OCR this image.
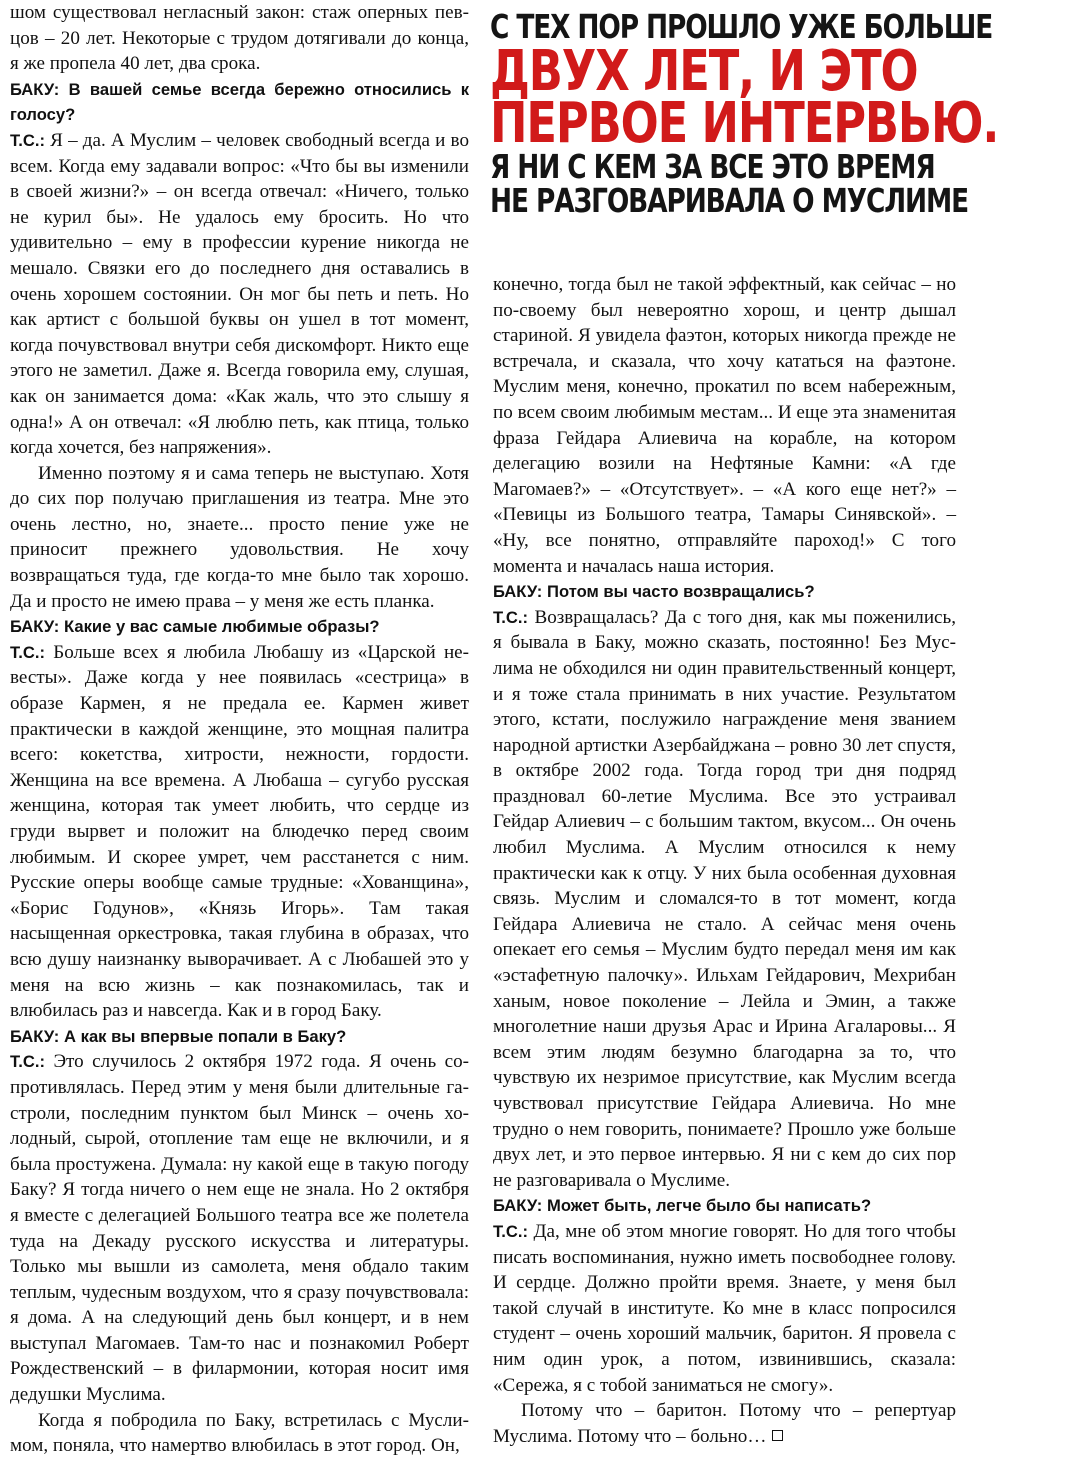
шом существовал негласный закон: стаж оперных певцов – 20 лет. Некоторые с трудом дотягивали до конца, я же пропела 40 лет, два срока.

БАКУ: В вашей семье всегда бережно относились к голосу?

Т.С.: Я – да. А Муслим – человек свободный всегда и во всем. Когда ему задавали вопрос: «Что бы вы изменили в своей жизни?» – он всегда отвечал: «Ничего, только не курил бы». Не удалось ему бросить. Но что удивительно – ему в профессии курение никогда не мешало. Связки его до последнего дня оставались в очень хорошем состоянии. Он мог бы петь и петь. Но как артист с большой буквы он ушел в тот момент, когда почувствовал внутри себя дискомфорт. Никто еще этого не заметил. Даже я. Всегда говорила ему, слушая, как он занимается дома: «Как жаль, что это слышу я одна!» А он отвечал: «Я люблю петь, как птица, только когда хочется, без напряжения».

Именно поэтому я и сама теперь не выступаю. Хотя до сих пор получаю приглашения из театра. Мне это очень лестно, но, знаете... просто пение уже не приносит прежнего удовольствия. Не хочу возвращаться туда, где когда-то мне было так хорошо. Да и просто не имею права – у меня же есть планка.

БАКУ: Какие у вас самые любимые образы?

Т.С.: Больше всех я любила Любашу из «Царской невесты». Даже когда у нее появилась «сестрица» в образе Кармен, я не предала ее. Кармен живет практически в каждой женщине, это мощная палитра всего: кокетства, хитрости, нежности, гордости. Женщина на все времена. А Любаша – сугубо русская женщина, которая так умеет любить, что сердце из груди вырвет и положит на блюдечко перед своим любимым. И скорее умрет, чем расстанется с ним. Русские оперы вообще самые трудные: «Хованщина», «Борис Годунов», «Князь Игорь». Там такая насыщенная оркестровка, такая глубина в образах, что всю душу наизнанку выворачивает. А с Любашей это у меня на всю жизнь – как познакомилась, так и влюбилась раз и навсегда. Как и в город Баку.

БАКУ: А как вы впервые попали в Баку?

Т.С.: Это случилось 2 октября 1972 года. Я очень сопротивлялась. Перед этим у меня были длительные гастроли, последним пунктом был Минск – очень холодный, сырой, отопление там еще не включили, и я была простужена. Думала: ну какой еще в такую погоду Баку? Я тогда ничего о нем еще не знала. Но 2 октября я вместе с делегацией Большого театра все же полетела туда на Декаду русского искусства и литературы. Только мы вышли из самолета, меня обдало таким теплым, чудесным воздухом, что я сразу почувствовала: я дома. А на следующий день был концерт, и в нем выступал Магомаев. Там-то нас и познакомил Роберт Рождественский – в филармонии, которая носит имя дедушки Муслима.

Когда я побродила по Баку, встретилась с Муслимом, поняла, что намертво влюбилась в этот город. Он,

С ТЕХ ПОР ПРОШЛО УЖЕ БОЛЬШЕ
ДВУХ ЛЕТ, И ЭТО
ПЕРВОЕ ИНТЕРВЬЮ.
Я НИ С КЕМ ЗА ВСЕ ЭТО ВРЕМЯ
НЕ РАЗГОВАРИВАЛА О МУСЛИМЕ

конечно, тогда был не такой эффектный, как сейчас – но по-своему был невероятно хорош, и центр дышал стариной. Я увидела фаэтон, которых никогда прежде не встречала, и сказала, что хочу кататься на фаэтоне. Муслим меня, конечно, прокатил по всем набережным, по всем своим любимым местам... И еще эта знаменитая фраза Гейдара Алиевича на корабле, на котором делегацию возили на Нефтяные Камни: «А где Магомаев?» – «Отсутствует». – «А кого еще нет?» – «Певицы из Большого театра, Тамары Синявской». – «Ну, все понятно, отправляйте пароход!» С того момента и началась наша история.

БАКУ: Потом вы часто возвращались?

Т.С.: Возвращалась? Да с того дня, как мы поженились, я бывала в Баку, можно сказать, постоянно! Без Муслима не обходился ни один правительственный концерт, и я тоже стала принимать в них участие. Результатом этого, кстати, послужило награждение меня званием народной артистки Азербайджана – ровно 30 лет спустя, в октябре 2002 года. Тогда город три дня подряд праздновал 60-летие Муслима. Все это устраивал Гейдар Алиевич – с большим тактом, вкусом... Он очень любил Муслима. А Муслим относился к нему практически как к отцу. У них была особенная духовная связь. Муслим и сломался-то в тот момент, когда Гейдара Алиевича не стало. А сейчас меня очень опекает его семья – Муслим будто передал меня им как «эстафетную палочку». Ильхам Гейдарович, Мехрибан ханым, новое поколение – Лейла и Эмин, а также многолетние наши друзья Арас и Ирина Агаларовы... Я всем этим людям безумно благодарна за то, что чувствую их незримое присутствие, как Муслим всегда чувствовал присутствие Гейдара Алиевича. Но мне трудно о нем говорить, понимаете? Прошло уже больше двух лет, и это первое интервью. Я ни с кем до сих пор не разговаривала о Муслиме.

БАКУ: Может быть, легче было бы написать?

Т.С.: Да, мне об этом многие говорят. Но для того чтобы писать воспоминания, нужно иметь посвободнее голову. И сердце. Должно пройти время. Знаете, у меня был такой случай в институте. Ко мне в класс попросился студент – очень хороший мальчик, баритон. Я провела с ним один урок, а потом, извинившись, сказала: «Сережа, я с тобой заниматься не смогу».

Потому что – баритон. Потому что – репертуар Муслима. Потому что – больно…
